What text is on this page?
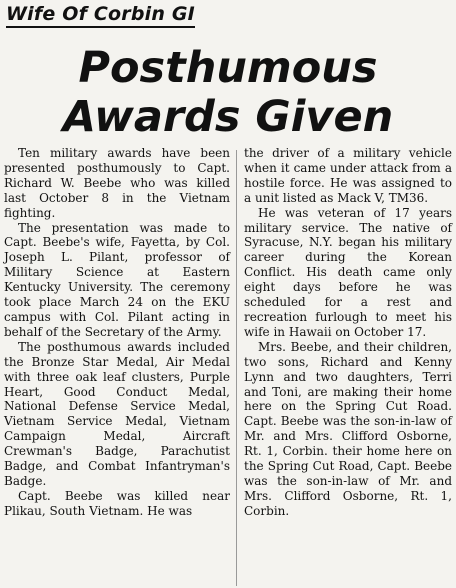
Wife Of Corbin GI
Posthumous
Awards Given

Ten military awards have been presented posthumously to Capt. Richard W. Beebe who was killed last October 8 in the Vietnam fighting.

The presentation was made to Capt. Beebe's wife, Fayetta, by Col. Joseph L. Pilant, professor of Military Science at Eastern Kentucky University. The ceremony took place March 24 on the EKU campus with Col. Pilant acting in behalf of the Secretary of the Army.

The posthumous awards included the Bronze Star Medal, Air Medal with three oak leaf clusters, Purple Heart, Good Conduct Medal, National Defense Service Medal, Vietnam Service Medal, Vietnam Campaign Medal, Aircraft Crewman's Badge, Parachutist Badge, and Combat Infantryman's Badge.

Capt. Beebe was killed near Plikau, South Vietnam. He was

the driver of a military vehicle when it came under attack from a hostile force. He was assigned to a unit listed as Mack V, TM36.

He was veteran of 17 years military service. The native of Syracuse, N.Y. began his military career during the Korean Conflict. His death came only eight days before he was scheduled for a rest and recreation furlough to meet his wife in Hawaii on October 17.

Mrs. Beebe, and their children, two sons, Richard and Kenny Lynn and two daughters, Terri and Toni, are making their home here on the Spring Cut Road. Capt. Beebe was the son-in-law of Mr. and Mrs. Clifford Osborne, Rt. 1, Corbin. their home here on the Spring Cut Road, Capt. Beebe was the son-in-law of Mr. and Mrs. Clifford Osborne, Rt. 1, Corbin.
